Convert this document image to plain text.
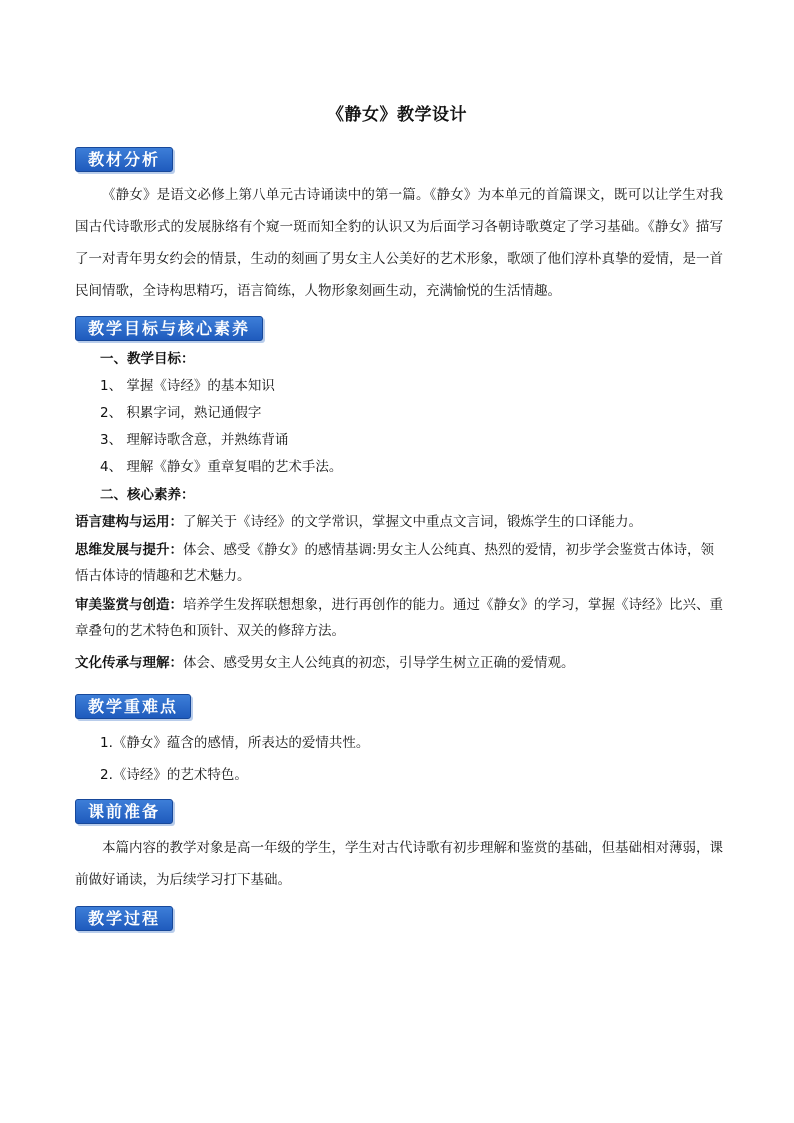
《静女》教学设计
教材分析

《静女》是语文必修上第八单元古诗诵读中的第一篇。《静女》为本单元的首篇课文，既可以让学生对我国古代诗歌形式的发展脉络有个窥一斑而知全豹的认识又为后面学习各朝诗歌奠定了学习基础。《静女》描写了一对青年男女约会的情景，生动的刻画了男女主人公美好的艺术形象，歌颂了他们淳朴真挚的爱情，是一首民间情歌，全诗构思精巧，语言简练，人物形象刻画生动，充满愉悦的生活情趣。

教学目标与核心素养
一、教学目标：
1、 掌握《诗经》的基本知识
2、 积累字词，熟记通假字
3、 理解诗歌含意，并熟练背诵
4、 理解《静女》重章复唱的艺术手法。
二、核心素养：
语言建构与运用：了解关于《诗经》的文学常识，掌握文中重点文言词，锻炼学生的口译能力。
思维发展与提升：体会、感受《静女》的感情基调:男女主人公纯真、热烈的爱情，初步学会鉴赏古体诗，领悟古体诗的情趣和艺术魅力。
审美鉴赏与创造：培养学生发挥联想想象，进行再创作的能力。通过《静女》的学习，掌握《诗经》比兴、重章叠句的艺术特色和顶针、双关的修辞方法。
文化传承与理解：体会、感受男女主人公纯真的初恋，引导学生树立正确的爱情观。
教学重难点
1.《静女》蕴含的感情，所表达的爱情共性。
2.《诗经》的艺术特色。
课前准备

本篇内容的教学对象是高一年级的学生，学生对古代诗歌有初步理解和鉴赏的基础，但基础相对薄弱，课前做好诵读，为后续学习打下基础。

教学过程
